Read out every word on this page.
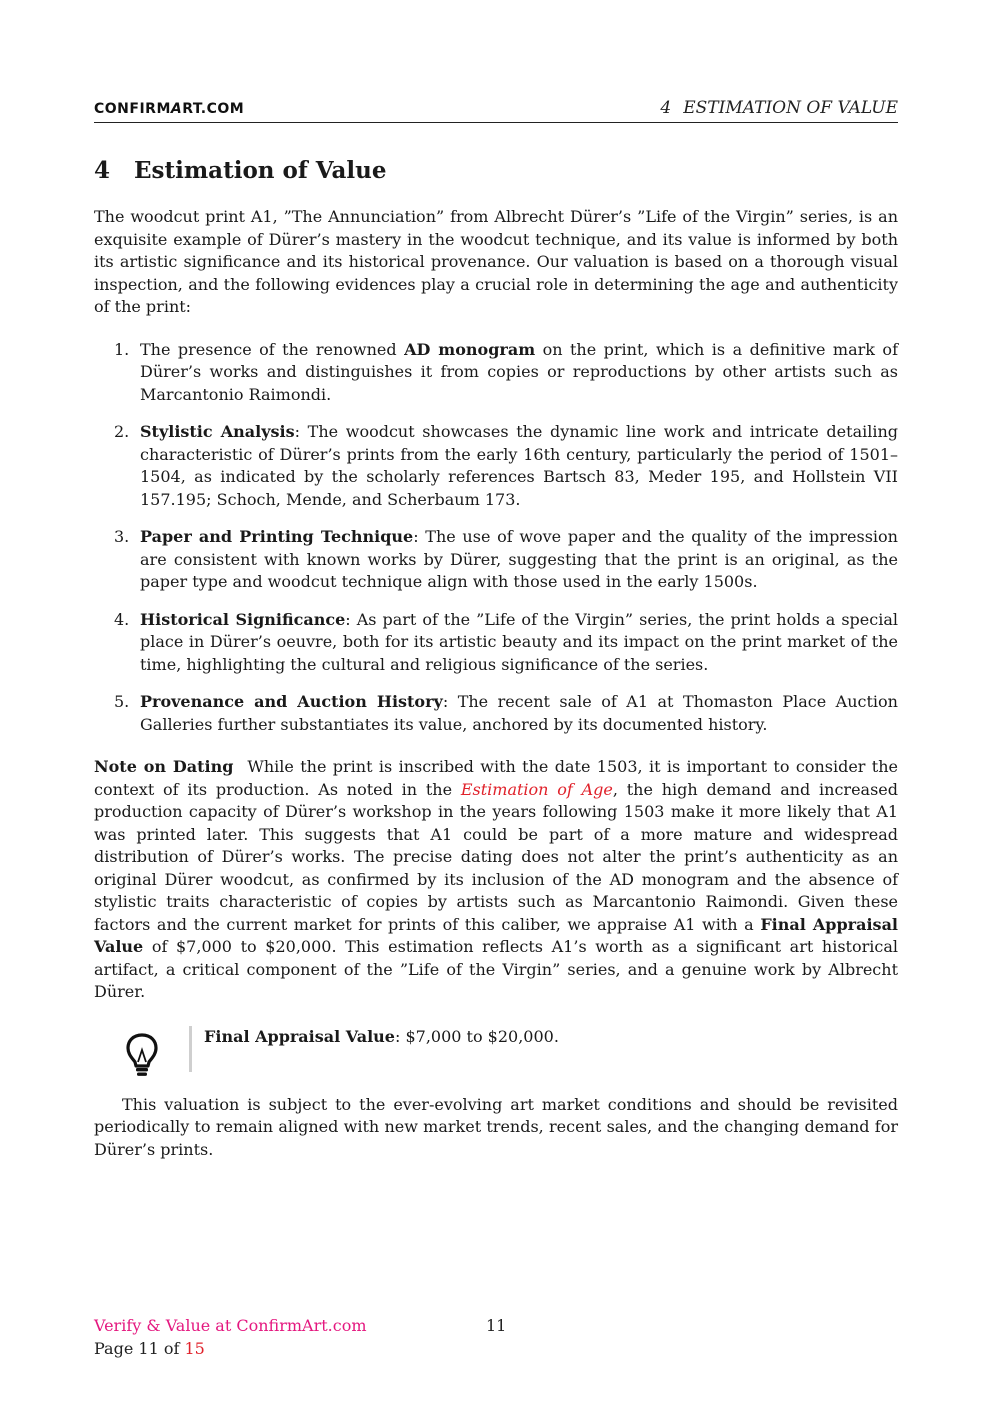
CONFIRMART.COM	4 ESTIMATION OF VALUE
4 Estimation of Value

The woodcut print A1, ”The Annunciation” from Albrecht Dürer’s ”Life of the Virgin” series, is an exquisite example of Dürer’s mastery in the woodcut technique, and its value is informed by both its artistic significance and its historical provenance. Our valuation is based on a thorough visual inspection, and the following evidences play a crucial role in determining the age and authenticity of the print:

1. The presence of the renowned AD monogram on the print, which is a definitive mark of Dürer’s works and distinguishes it from copies or reproductions by other artists such as Marcantonio Raimondi.
2. Stylistic Analysis: The woodcut showcases the dynamic line work and intricate detailing characteristic of Dürer’s prints from the early 16th century, particularly the period of 1501–1504, as indicated by the scholarly references Bartsch 83, Meder 195, and Hollstein VII 157.195; Schoch, Mende, and Scherbaum 173.
3. Paper and Printing Technique: The use of wove paper and the quality of the impression are consistent with known works by Dürer, suggesting that the print is an original, as the paper type and woodcut technique align with those used in the early 1500s.
4. Historical Significance: As part of the ”Life of the Virgin” series, the print holds a special place in Dürer’s oeuvre, both for its artistic beauty and its impact on the print market of the time, highlighting the cultural and religious significance of the series.
5. Provenance and Auction History: The recent sale of A1 at Thomaston Place Auction Galleries further substantiates its value, anchored by its documented history.

Note on Dating While the print is inscribed with the date 1503, it is important to consider the context of its production. As noted in the Estimation of Age, the high demand and increased production capacity of Dürer’s workshop in the years following 1503 make it more likely that A1 was printed later. This suggests that A1 could be part of a more mature and widespread distribution of Dürer’s works. The precise dating does not alter the print’s authenticity as an original Dürer woodcut, as confirmed by its inclusion of the AD monogram and the absence of stylistic traits characteristic of copies by artists such as Marcantonio Raimondi. Given these factors and the current market for prints of this caliber, we appraise A1 with a Final Appraisal Value of $7,000 to $20,000. This estimation reflects A1’s worth as a significant art historical artifact, a critical component of the ”Life of the Virgin” series, and a genuine work by Albrecht Dürer.

Final Appraisal Value: $7,000 to $20,000.

This valuation is subject to the ever-evolving art market conditions and should be revisited periodically to remain aligned with new market trends, recent sales, and the changing demand for Dürer’s prints.

Verify & Value at ConfirmArt.com	11
Page 11 of 15
